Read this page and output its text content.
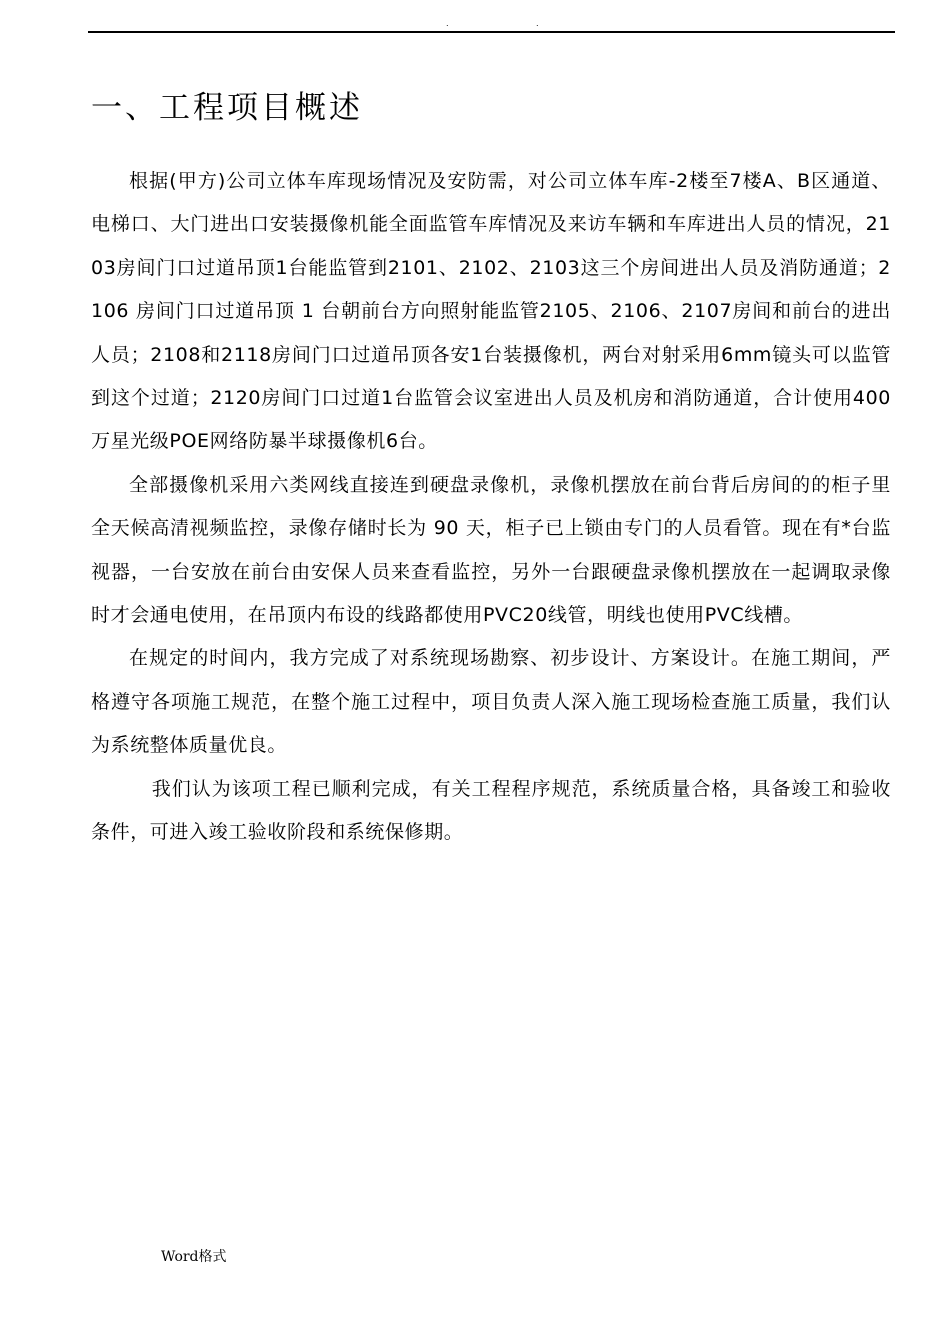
.	.
一、工程项目概述

根据(甲方)公司立体车库现场情况及安防需，对公司立体车库-2楼至7楼A、B区通道、电梯口、大门进出口安装摄像机能全面监管车库情况及来访车辆和车库进出人员的情况，2103房间门口过道吊顶1台能监管到2101、2102、2103这三个房间进出人员及消防通道；2106 房间门口过道吊顶 1 台朝前台方向照射能监管2105、2106、2107房间和前台的进出人员；2108和2118房间门口过道吊顶各安1台装摄像机，两台对射采用6mm镜头可以监管到这个过道；2120房间门口过道1台监管会议室进出人员及机房和消防通道，合计使用400万星光级POE网络防暴半球摄像机6台。

全部摄像机采用六类网线直接连到硬盘录像机，录像机摆放在前台背后房间的的柜子里全天候高清视频监控，录像存储时长为 90 天，柜子已上锁由专门的人员看管。现在有*台监视器，一台安放在前台由安保人员来查看监控，另外一台跟硬盘录像机摆放在一起调取录像时才会通电使用，在吊顶内布设的线路都使用PVC20线管，明线也使用PVC线槽。

在规定的时间内，我方完成了对系统现场勘察、初步设计、方案设计。在施工期间，严格遵守各项施工规范，在整个施工过程中，项目负责人深入施工现场检查施工质量，我们认为系统整体质量优良。

我们认为该项工程已顺利完成，有关工程程序规范，系统质量合格，具备竣工和验收条件，可进入竣工验收阶段和系统保修期。

Word格式
